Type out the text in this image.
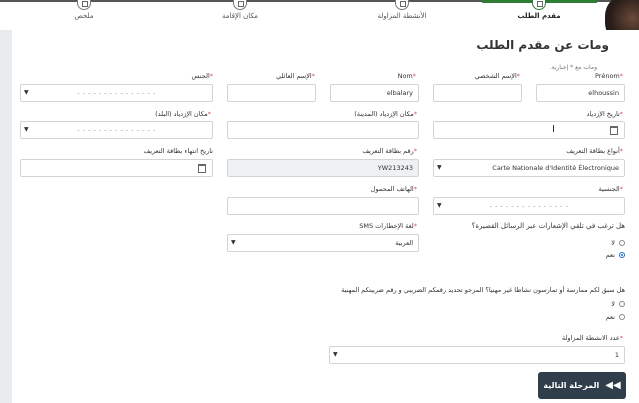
مقدم الطلب
الأنشطة المزاولة
مكان الإقامة
ملخص
ومات عن مقدم الطلب
ومات مع * إجبارية.
*Prénom
*الإسم الشخصي
*Nom
*الإسم العائلي
*الجنس
elhoussin
elbalary
- - - - - - - - - - - - - - -
▼
*تاريخ الإزدياد
*مكان الإزدياد (المدينة)
*مكان الإزدياد (البلد)
- - - - - - - - - - - - - - -
▼	I
*أنواع بطاقة التعريف
*رقم بطاقة التعريف
تاريخ انتهاء بطاقة التعريف
Carte Nationale d'Identité Électronique
▼
YW213243
*الجنسية
*الهاتف المحمول
- - - - - - - - - - - - - - -
▼
هل ترغب في تلقي الإشعارات عبر الرسائل القصيرة؟
*لغة الإخطارات SMS
لا
نعم
العربية
▼
هل سبق لكم ممارسة أو تمارسون نشاطا غير مهنيا؟ المرجو تحديد رقمكم الضريبي و رقم ضريبتكم المهنية
لا
نعم
*عدد الانشطة المزاولة
1
▼
◀◀
المرحلة التالية
